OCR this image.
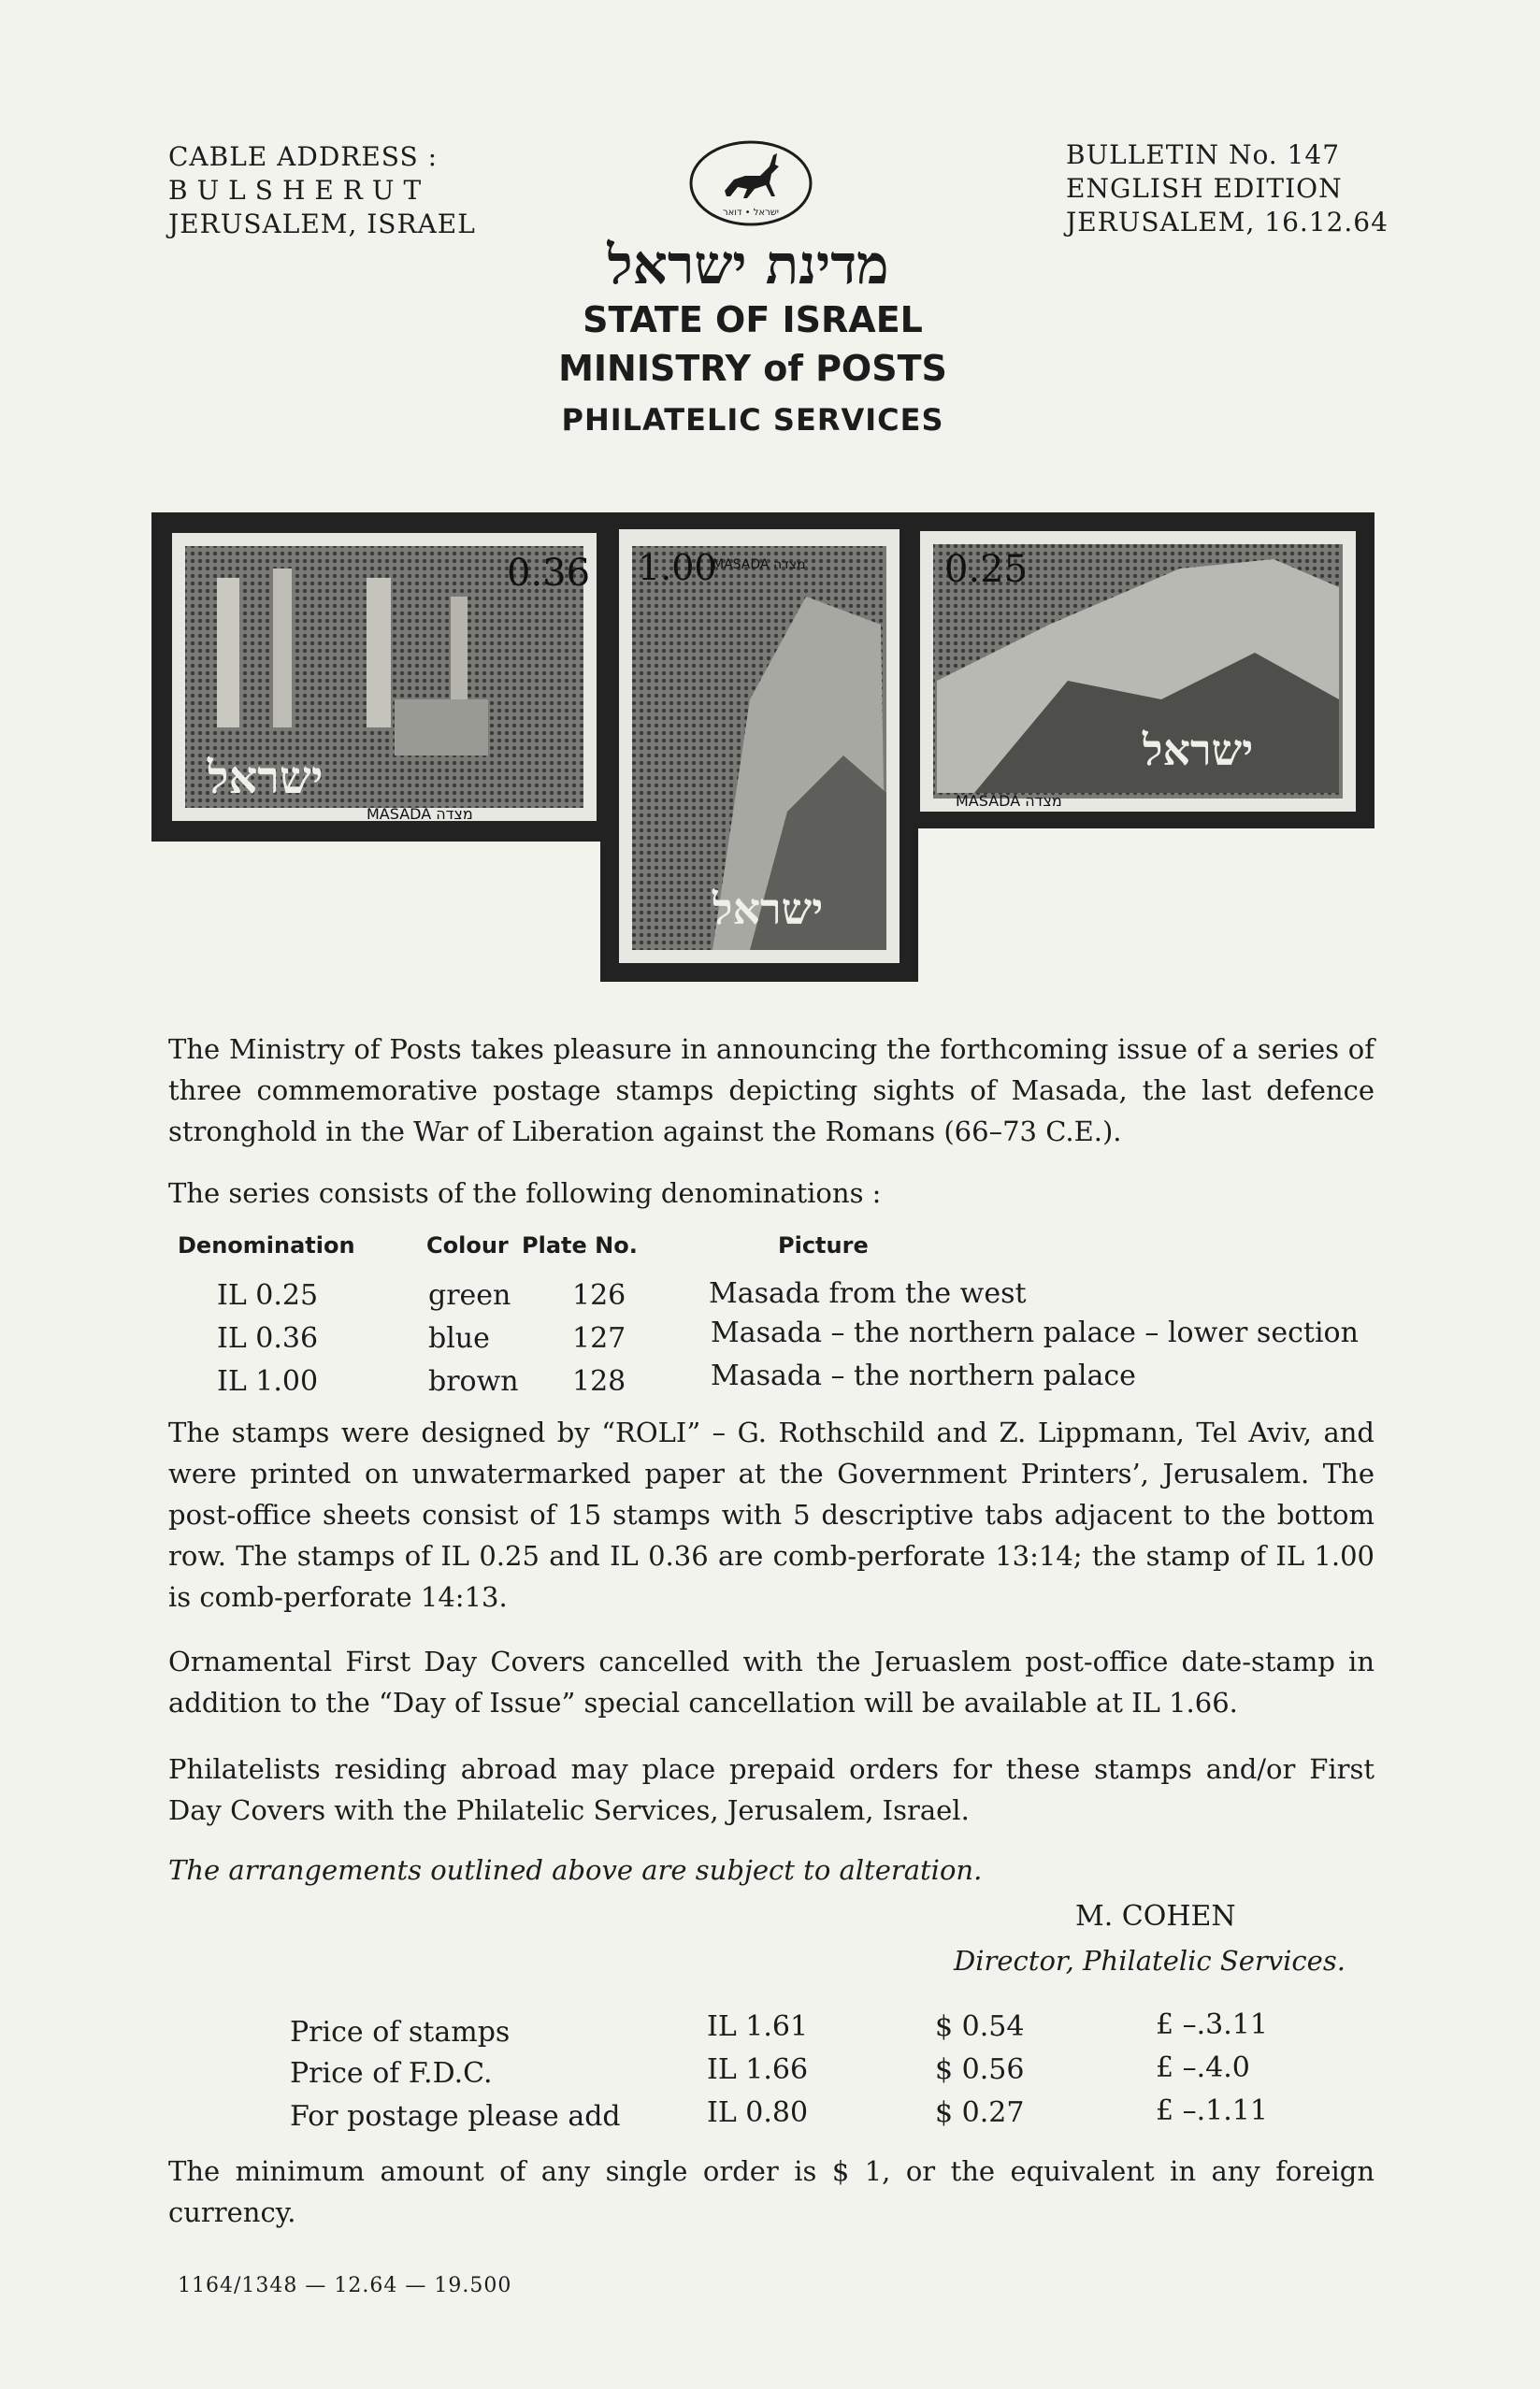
CABLE ADDRESS :
BULSHERUT
JERUSALEM, ISRAEL	ישראל • דואר
BULLETIN No. 147
ENGLISH EDITION
JERUSALEM, 16.12.64
מדינת ישראל
STATE OF ISRAEL
MINISTRY of POSTS
PHILATELIC SERVICES
0.36
ישראל
MASADA מצדה
1.00
MASADA מצדה
ישראל
0.25
ישראל
MASADA מצדה
The Ministry of Posts takes pleasure in announcing the forthcoming issue of a series of three commemorative postage stamps depicting sights of Masada, the last defence stronghold in the War of Liberation against the Romans (66–73 C.E.).
The series consists of the following denominations :
Denomination	Colour Plate No.	Picture
IL 0.25	green 126	Masada from the west
IL 0.36	blue	127	Masada – the northern palace – lower section
IL 1.00	brown 128	Masada – the northern palace
The stamps were designed by “ROLI” – G. Rothschild and Z. Lippmann, Tel Aviv, and were printed on unwatermarked paper at the Government Printers’, Jerusalem. The post-office sheets consist of 15 stamps with 5 descriptive tabs adjacent to the bottom row. The stamps of IL 0.25 and IL 0.36 are comb-perforate 13:14; the stamp of IL 1.00 is comb-perforate 14:13.
Ornamental First Day Covers cancelled with the Jeruaslem post-office date-stamp in addition to the “Day of Issue” special cancellation will be available at IL 1.66.
Philatelists residing abroad may place prepaid orders for these stamps and/or First Day Covers with the Philatelic Services, Jerusalem, Israel.
The arrangements outlined above are subject to alteration.
M. COHEN
Director, Philatelic Services.
Price of stamps	IL 1.61	$ 0.54	£ –.3.11
Price of F.D.C.	IL 1.66	$ 0.56	£ –.4.0
For postage please add	IL 0.80	$ 0.27	£ –.1.11
The minimum amount of any single order is $ 1, or the equivalent in any foreign currency.
1164/1348 — 12.64 — 19.500
